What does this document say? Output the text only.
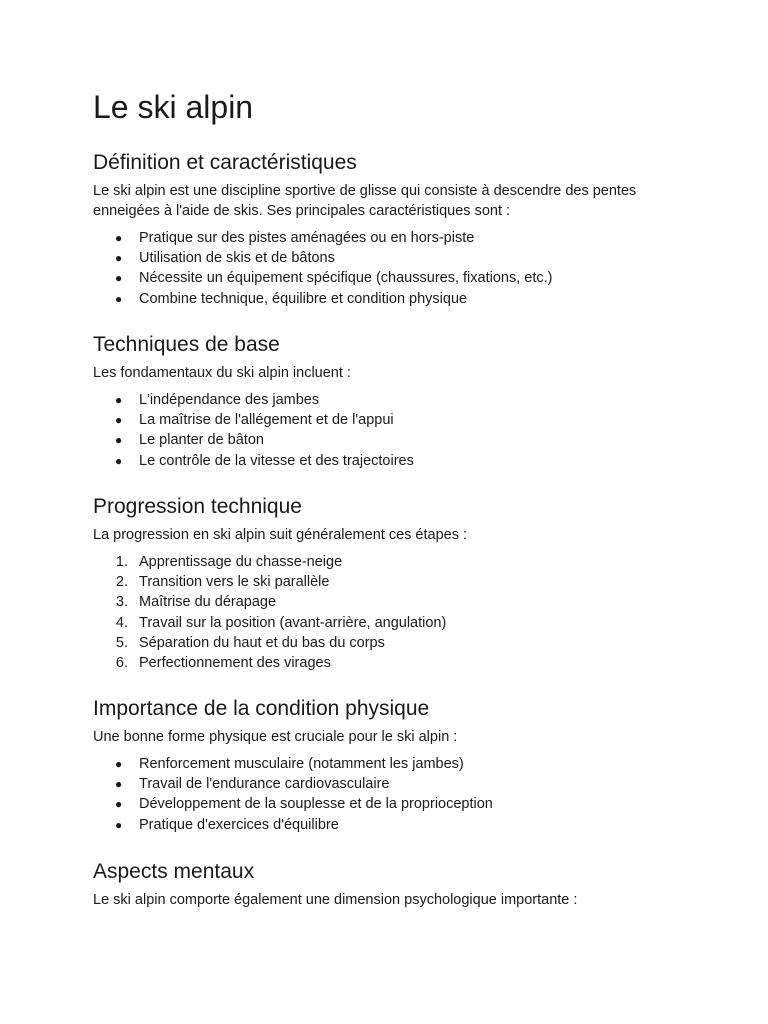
Le ski alpin
Définition et caractéristiques

Le ski alpin est une discipline sportive de glisse qui consiste à descendre des pentes enneigées à l'aide de skis. Ses principales caractéristiques sont :

● Pratique sur des pistes aménagées ou en hors-piste
● Utilisation de skis et de bâtons
● Nécessite un équipement spécifique (chaussures, fixations, etc.)
● Combine technique, équilibre et condition physique
Techniques de base

Les fondamentaux du ski alpin incluent :

● L'indépendance des jambes
● La maîtrise de l'allégement et de l'appui
● Le planter de bâton
● Le contrôle de la vitesse et des trajectoires
Progression technique

La progression en ski alpin suit généralement ces étapes :

1. Apprentissage du chasse-neige
2. Transition vers le ski parallèle
3. Maîtrise du dérapage
4. Travail sur la position (avant-arrière, angulation)
5. Séparation du haut et du bas du corps
6. Perfectionnement des virages
Importance de la condition physique

Une bonne forme physique est cruciale pour le ski alpin :

● Renforcement musculaire (notamment les jambes)
● Travail de l'endurance cardiovasculaire
● Développement de la souplesse et de la proprioception
● Pratique d'exercices d'équilibre
Aspects mentaux

Le ski alpin comporte également une dimension psychologique importante :
